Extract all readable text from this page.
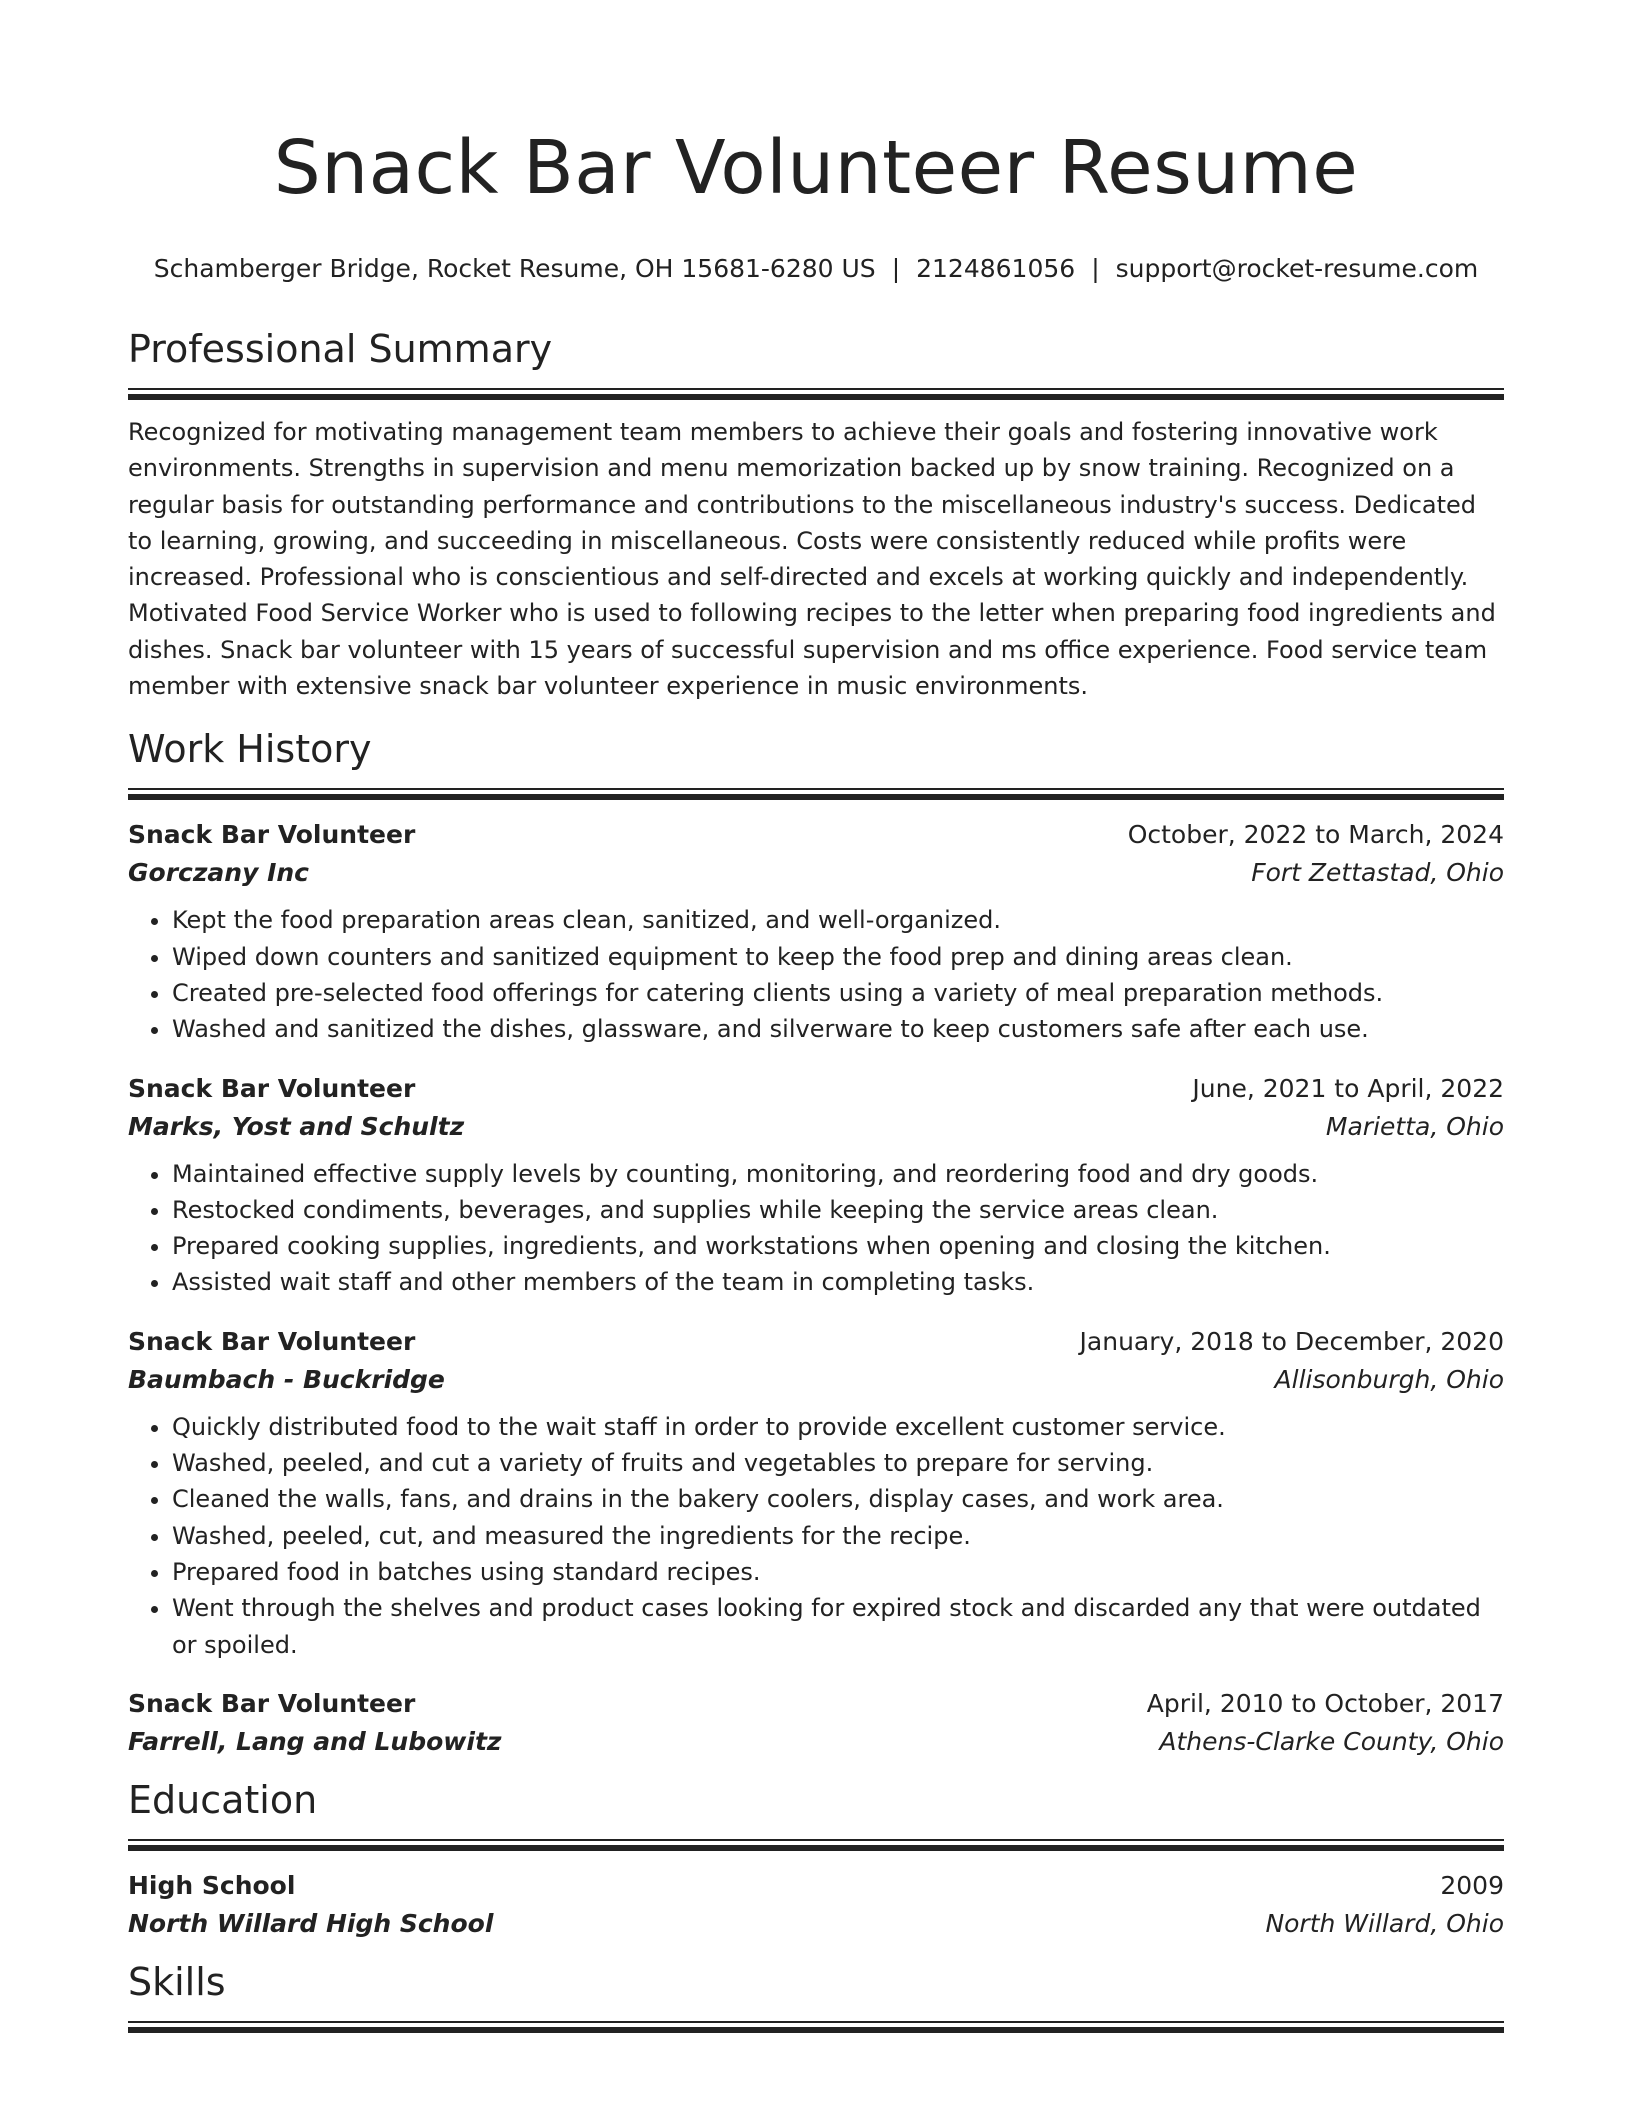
Snack Bar Volunteer Resume
Schamberger Bridge, Rocket Resume, OH 15681-6280 US | 2124861056 | support@rocket-resume.com
Professional Summary
Recognized for motivating management team members to achieve their goals and fostering innovative work environments. Strengths in supervision and menu memorization backed up by snow training. Recognized on a regular basis for outstanding performance and contributions to the miscellaneous industry's success. Dedicated to learning, growing, and succeeding in miscellaneous. Costs were consistently reduced while profits were increased. Professional who is conscientious and self-directed and excels at working quickly and independently. Motivated Food Service Worker who is used to following recipes to the letter when preparing food ingredients and dishes. Snack bar volunteer with 15 years of successful supervision and ms office experience. Food service team member with extensive snack bar volunteer experience in music environments.
Work History
Snack Bar Volunteer	October, 2022 to March, 2024
Gorczany Inc	Fort Zettastad, Ohio
• Kept the food preparation areas clean, sanitized, and well-organized.
• Wiped down counters and sanitized equipment to keep the food prep and dining areas clean.
• Created pre-selected food offerings for catering clients using a variety of meal preparation methods.
• Washed and sanitized the dishes, glassware, and silverware to keep customers safe after each use.
Snack Bar Volunteer	June, 2021 to April, 2022
Marks, Yost and Schultz	Marietta, Ohio
• Maintained effective supply levels by counting, monitoring, and reordering food and dry goods.
• Restocked condiments, beverages, and supplies while keeping the service areas clean.
• Prepared cooking supplies, ingredients, and workstations when opening and closing the kitchen.
• Assisted wait staff and other members of the team in completing tasks.
Snack Bar Volunteer	January, 2018 to December, 2020
Baumbach - Buckridge	Allisonburgh, Ohio
• Quickly distributed food to the wait staff in order to provide excellent customer service.
• Washed, peeled, and cut a variety of fruits and vegetables to prepare for serving.
• Cleaned the walls, fans, and drains in the bakery coolers, display cases, and work area.
• Washed, peeled, cut, and measured the ingredients for the recipe.
• Prepared food in batches using standard recipes.
• Went through the shelves and product cases looking for expired stock and discarded any that were outdated or spoiled.
Snack Bar Volunteer	April, 2010 to October, 2017
Farrell, Lang and Lubowitz	Athens-Clarke County, Ohio
Education
High School	2009
North Willard High School	North Willard, Ohio
Skills
